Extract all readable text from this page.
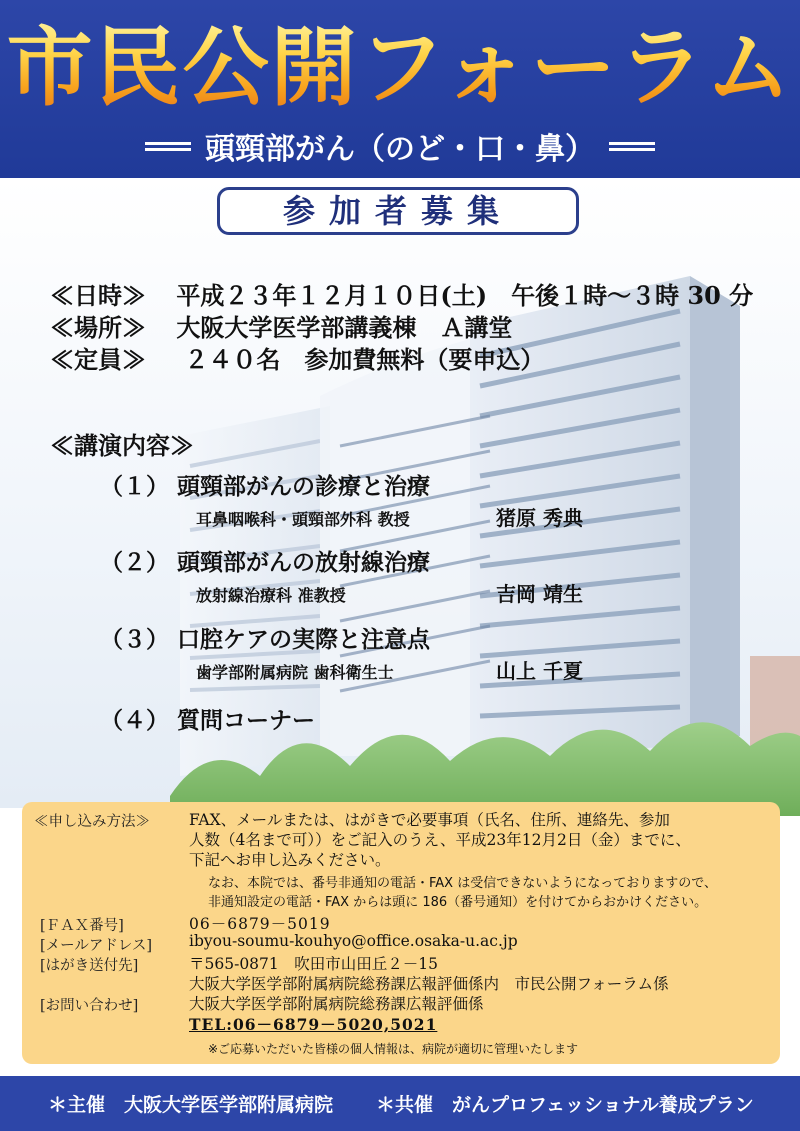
市民公開フォーラム
頭頸部がん（のど・口・鼻）
参加者募集
≪日時≫ 平成２３年１２月１０日(土)　午後１時～３時 30 分
≪場所≫ 大阪大学医学部講義棟　Ａ講堂
≪定員≫ ２４０名　参加費無料（要申込）
≪講演内容≫
（１） 頭頸部がんの診療と治療
耳鼻咽喉科・頭頸部外科 教授	猪原 秀典
（２） 頭頸部がんの放射線治療
放射線治療科 准教授	吉岡 靖生
（３） 口腔ケアの実際と注意点
歯学部附属病院 歯科衛生士	山上 千夏
（４） 質問コーナー
≪申し込み方法≫	FAX、メールまたは、はがきで必要事項（氏名、住所、連絡先、参加
人数（4名まで可））をご記入のうえ、平成23年12月2日（金）までに、
下記へお申し込みください。
なお、本院では、番号非通知の電話・FAX は受信できないようになっておりますので、
非通知設定の電話・FAX からは頭に 186（番号通知）を付けてからおかけください。
[ＦＡＸ番号]	06－6879－5019
[メールアドレス] ibyou-soumu-kouhyo@office.osaka-u.ac.jp
[はがき送付先]	〒565-0871　吹田市山田丘２－15
大阪大学医学部附属病院総務課広報評価係内　市民公開フォーラム係
[お問い合わせ]	大阪大学医学部附属病院総務課広報評価係
TEL:06－6879－5020,5021
※ご応募いただいた皆様の個人情報は、病院が適切に管理いたします
＊主催　大阪大学医学部附属病院 ＊共催　がんプロフェッショナル養成プラン
